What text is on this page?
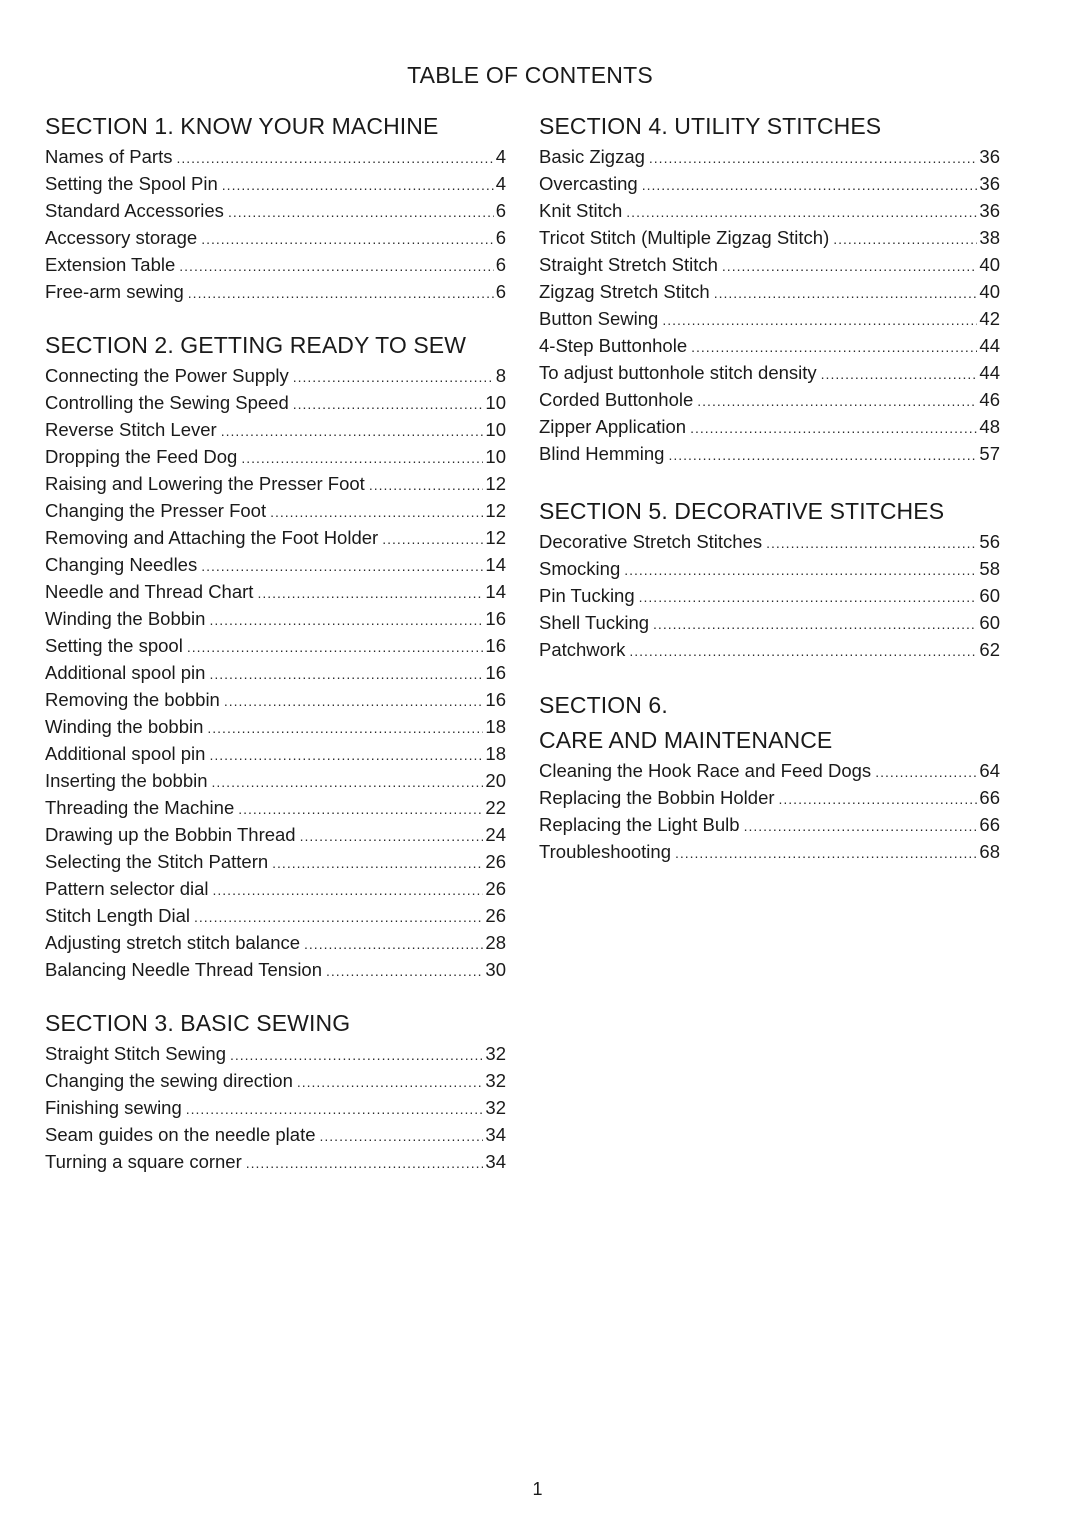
TABLE OF CONTENTS
SECTION 1. KNOW YOUR MACHINE
Names of Parts .....	4
Setting the Spool Pin .....	4
Standard Accessories .....	6
Accessory storage .....	6
Extension Table .....	6
Free-arm sewing .....	6
SECTION 2. GETTING READY TO SEW
Connecting the Power Supply .....	8
Controlling the Sewing Speed .....	10
Reverse Stitch Lever .....	10
Dropping the Feed Dog .....	10
Raising and Lowering the Presser Foot .....	12
Changing the Presser Foot .....	12
Removing and Attaching the Foot Holder .....	12
Changing Needles .....	14
Needle and Thread Chart .....	14
Winding the Bobbin .....	16
Setting the spool .....	16
Additional spool pin .....	16
Removing the bobbin .....	16
Winding the bobbin .....	18
Additional spool pin .....	18
Inserting the bobbin .....	20
Threading the Machine .....	22
Drawing up the Bobbin Thread .....	24
Selecting the Stitch Pattern .....	26
Pattern selector dial .....	26
Stitch Length Dial .....	26
Adjusting stretch stitch balance .....	28
Balancing Needle Thread Tension .....	30
SECTION 3. BASIC SEWING
Straight Stitch Sewing .....	32
Changing the sewing direction .....	32
Finishing sewing .....	32
Seam guides on the needle plate .....	34
Turning a square corner .....	34
SECTION 4. UTILITY STITCHES
Basic Zigzag .....	36
Overcasting .....	36
Knit Stitch .....	36
Tricot Stitch (Multiple Zigzag Stitch) .....	38
Straight Stretch Stitch .....	40
Zigzag Stretch Stitch .....	40
Button Sewing .....	42
4-Step Buttonhole .....	44
To adjust buttonhole stitch density .....	44
Corded Buttonhole .....	46
Zipper Application .....	48
Blind Hemming .....	57
SECTION 5. DECORATIVE STITCHES
Decorative Stretch Stitches .....	56
Smocking .....	58
Pin Tucking .....	60
Shell Tucking .....	60
Patchwork .....	62
SECTION 6.
CARE AND MAINTENANCE
Cleaning the Hook Race and Feed Dogs .....	64
Replacing the Bobbin Holder .....	66
Replacing the Light Bulb .....	66
Troubleshooting .....	68
1
